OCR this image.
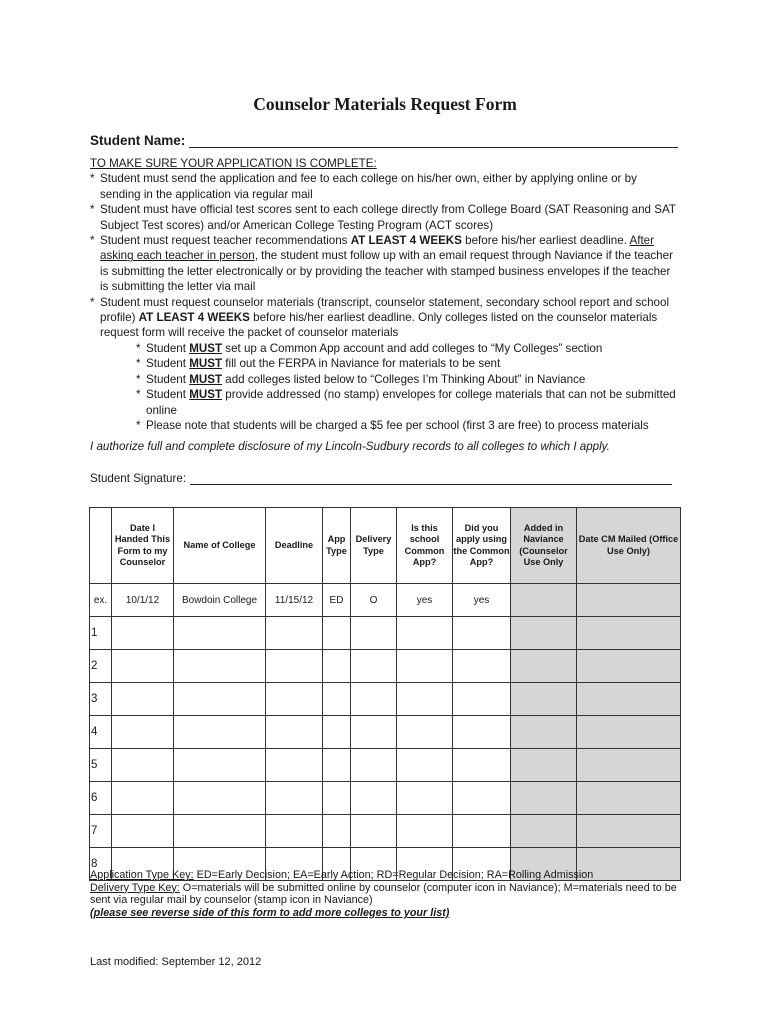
Counselor Materials Request Form
Student Name:
TO MAKE SURE YOUR APPLICATION IS COMPLETE:
* Student must send the application and fee to each college on his/her own, either by applying online or by sending in the application via regular mail
* Student must have official test scores sent to each college directly from College Board (SAT Reasoning and SAT Subject Test scores) and/or American College Testing Program (ACT scores)
* Student must request teacher recommendations AT LEAST 4 WEEKS before his/her earliest deadline. After asking each teacher in person, the student must follow up with an email request through Naviance if the teacher is submitting the letter electronically or by providing the teacher with stamped business envelopes if the teacher is submitting the letter via mail
* Student must request counselor materials (transcript, counselor statement, secondary school report and school profile) AT LEAST 4 WEEKS before his/her earliest deadline. Only colleges listed on the counselor materials request form will receive the packet of counselor materials
* Student MUST set up a Common App account and add colleges to “My Colleges” section
* Student MUST fill out the FERPA in Naviance for materials to be sent
* Student MUST add colleges listed below to “Colleges I’m Thinking About” in Naviance
* Student MUST provide addressed (no stamp) envelopes for college materials that can not be submitted online
* Please note that students will be charged a $5 fee per school (first 3 are free) to process materials
I authorize full and complete disclosure of my Lincoln-Sudbury records to all colleges to which I apply.
Student Signature:
	Date I Handed This Form to my Counselor	Name of College	Deadline	App Type	Delivery Type	Is this school Common App?	Did you apply using the Common App?	Added in Naviance (Counselor Use Only	Date CM Mailed (Office Use Only)
ex.	10/1/12	Bowdoin College	11/15/12	ED	O	yes	yes		
1									
2									
3									
4									
5									
6									
7									
8									
Application Type Key: ED=Early Decision; EA=Early Action; RD=Regular Decision; RA=Rolling Admission
Delivery Type Key: O=materials will be submitted online by counselor (computer icon in Naviance); M=materials need to be sent via regular mail by counselor (stamp icon in Naviance)
(please see reverse side of this form to add more colleges to your list)
Last modified: September 12, 2012
